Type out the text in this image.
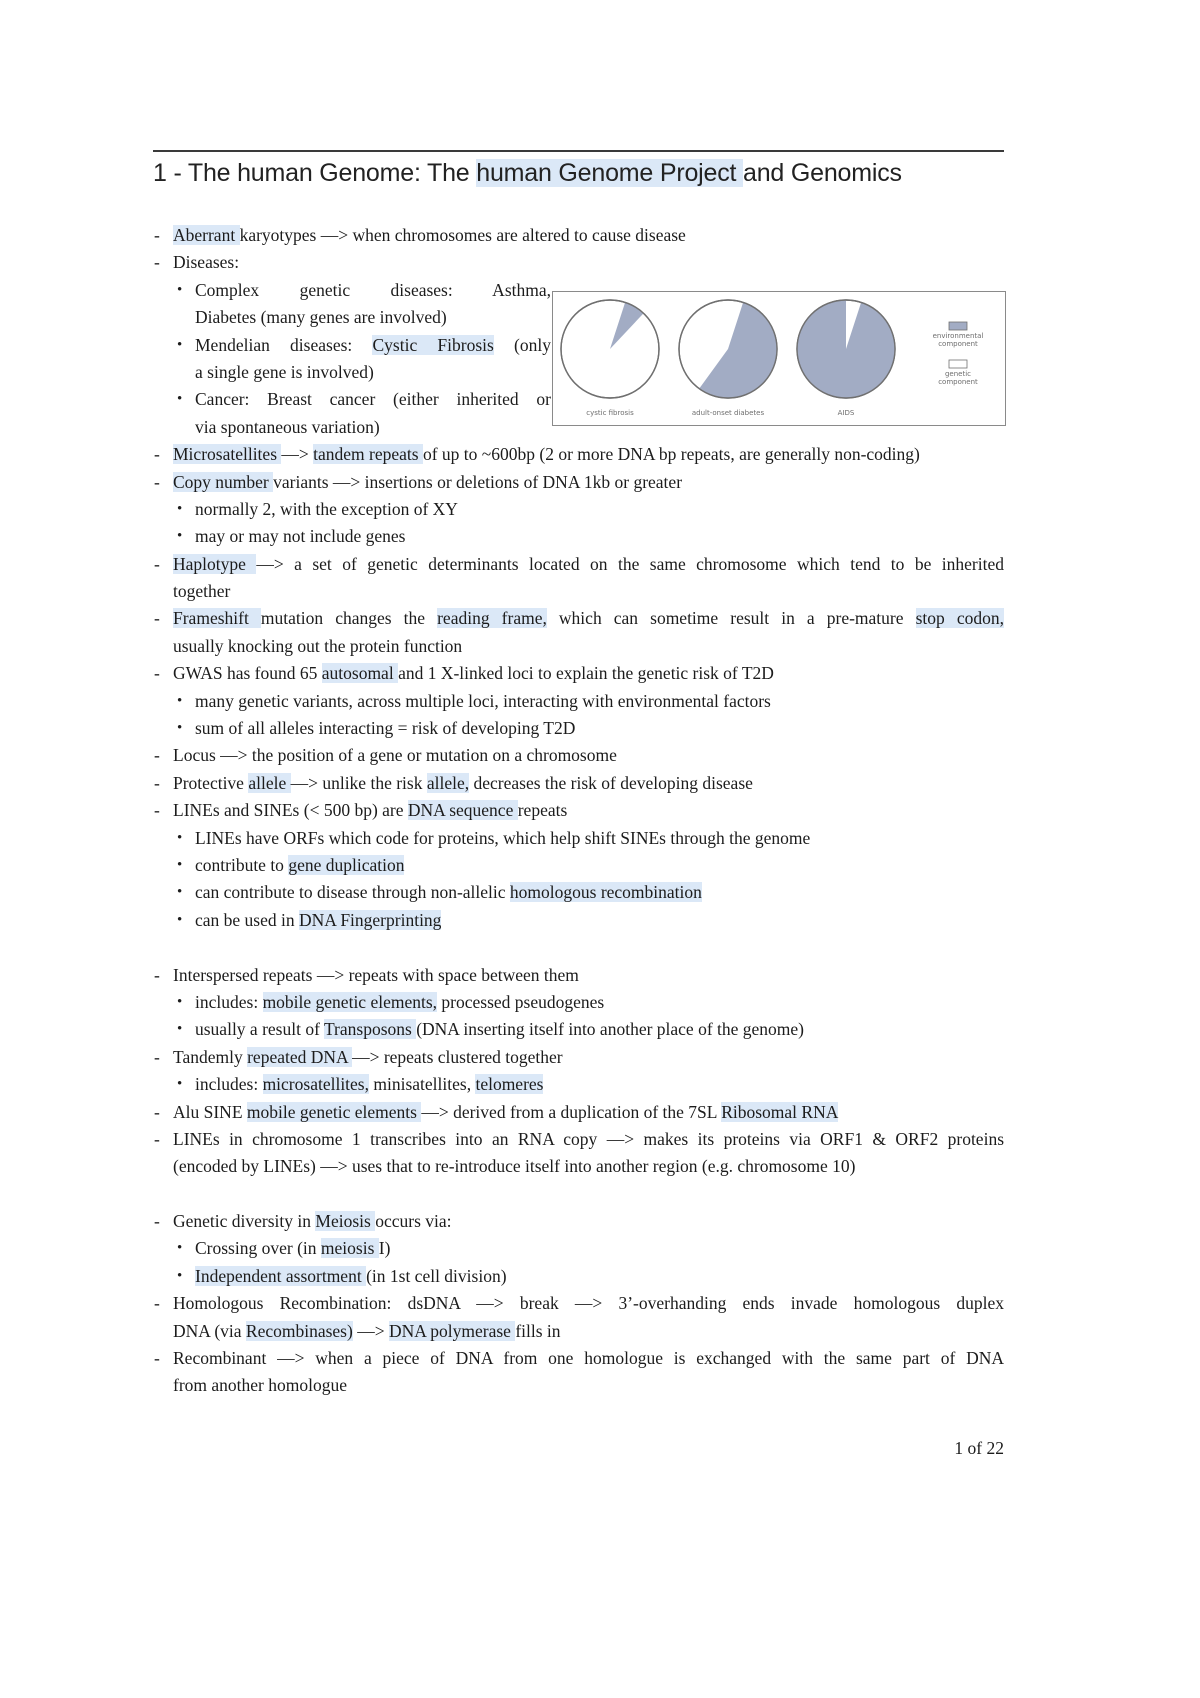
1 - The human Genome: The human Genome Project and Genomics
- Aberrant karyotypes —> when chromosomes are altered to cause disease
- Diseases:
• Complex genetic diseases: Asthma,
Diabetes (many genes are involved)
• Mendelian diseases: Cystic Fibrosis (only
a single gene is involved)
• Cancer: Breast cancer (either inherited or
via spontaneous variation)
- Microsatellites —> tandem repeats of up to ~600bp (2 or more DNA bp repeats, are generally non-coding)
- Copy number variants —> insertions or deletions of DNA 1kb or greater
• normally 2, with the exception of XY
• may or may not include genes
- Haplotype —> a set of genetic determinants located on the same chromosome which tend to be inherited
together
- Frameshift mutation changes the reading frame, which can sometime result in a pre-mature stop codon,
usually knocking out the protein function
- GWAS has found 65 autosomal and 1 X-linked loci to explain the genetic risk of T2D
• many genetic variants, across multiple loci, interacting with environmental factors
• sum of all alleles interacting = risk of developing T2D
- Locus —> the position of a gene or mutation on a chromosome
- Protective allele —> unlike the risk allele, decreases the risk of developing disease
- LINEs and SINEs (< 500 bp) are DNA sequence repeats
• LINEs have ORFs which code for proteins, which help shift SINEs through the genome
• contribute to gene duplication
• can contribute to disease through non-allelic homologous recombination
• can be used in DNA Fingerprinting
- Interspersed repeats —> repeats with space between them
• includes: mobile genetic elements, processed pseudogenes
• usually a result of Transposons (DNA inserting itself into another place of the genome)
- Tandemly repeated DNA —> repeats clustered together
• includes: microsatellites, minisatellites, telomeres
- Alu SINE mobile genetic elements —> derived from a duplication of the 7SL Ribosomal RNA
- LINEs in chromosome 1 transcribes into an RNA copy —> makes its proteins via ORF1 & ORF2 proteins
(encoded by LINEs) —> uses that to re-introduce itself into another region (e.g. chromosome 10)
- Genetic diversity in Meiosis occurs via:
• Crossing over (in meiosis I)
• Independent assortment (in 1st cell division)
- Homologous Recombination: dsDNA —> break —> 3’-overhanding ends invade homologous duplex
DNA (via Recombinases) —> DNA polymerase fills in
- Recombinant —> when a piece of DNA from one homologue is exchanged with the same part of DNA
from another homologue
cystic fibrosis	adult-onset diabetes	AIDS
environmental component
genetic component
1 of 22
